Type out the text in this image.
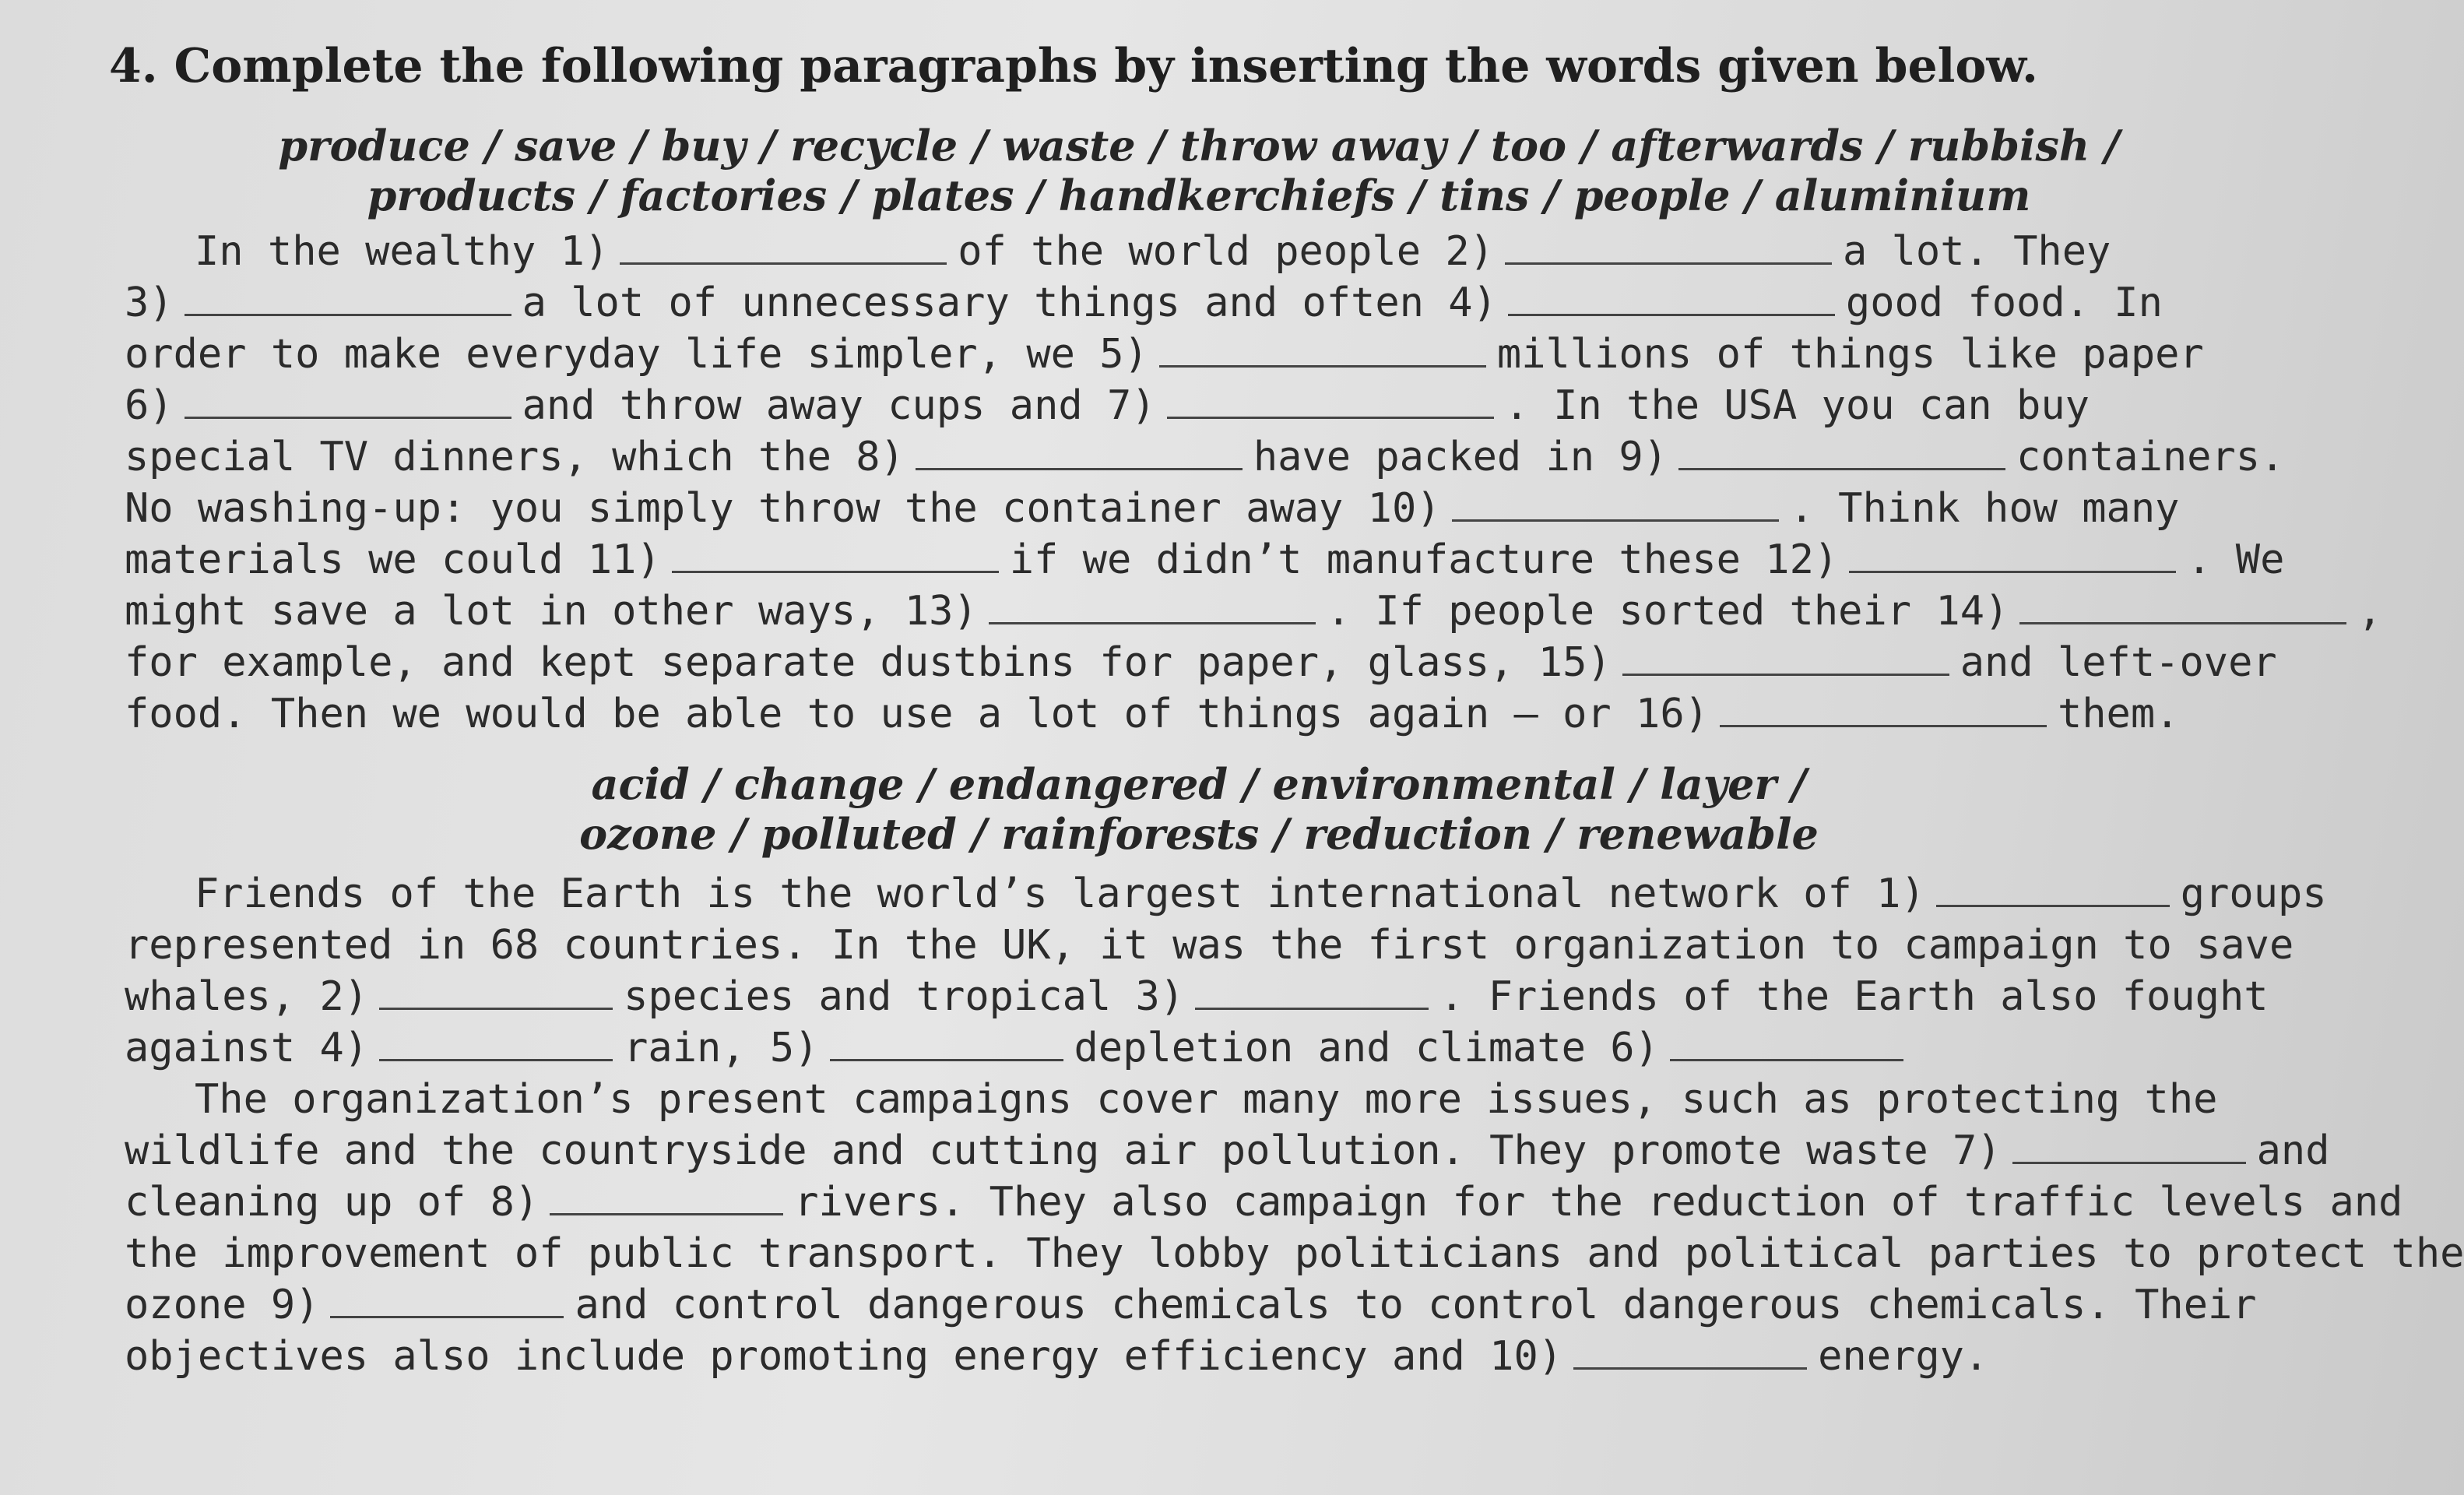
4. Complete the following paragraphs by inserting the words given below.
produce / save / buy / recycle / waste / throw away / too / afterwards / rubbish /
products / factories / plates / handkerchiefs / tins / people / aluminium
In the wealthy 1)	of the world people 2)	a lot. They
3)	a lot of unnecessary things and often 4)	good food. In
order to make everyday life simpler, we 5)	millions of things like paper
6)	and throw away cups and 7)	. In the USA you can buy
special TV dinners, which the 8)	have packed in 9)	containers.
No washing-up: you simply throw the container away 10)	. Think how many
materials we could 11)	if we didn’t manufacture these 12)	. We
might save a lot in other ways, 13)	. If people sorted their 14)	,
for example, and kept separate dustbins for paper, glass, 15)	and left-over
food. Then we would be able to use a lot of things again – or 16)	them.
acid / change / endangered / environmental / layer /
ozone / polluted / rainforests / reduction / renewable
Friends of the Earth is the world’s largest international network of 1)	groups
represented in 68 countries. In the UK, it was the first organization to campaign to save
whales, 2)	species and tropical 3)	. Friends of the Earth also fought
against 4)	rain, 5)	depletion and climate 6)
The organization’s present campaigns cover many more issues, such as protecting the
wildlife and the countryside and cutting air pollution. They promote waste 7)	and
cleaning up of 8)	rivers. They also campaign for the reduction of traffic levels and
the improvement of public transport. They lobby politicians and political parties to protect the
ozone 9)	and control dangerous chemicals to control dangerous chemicals. Their
objectives also include promoting energy efficiency and 10)	energy.
